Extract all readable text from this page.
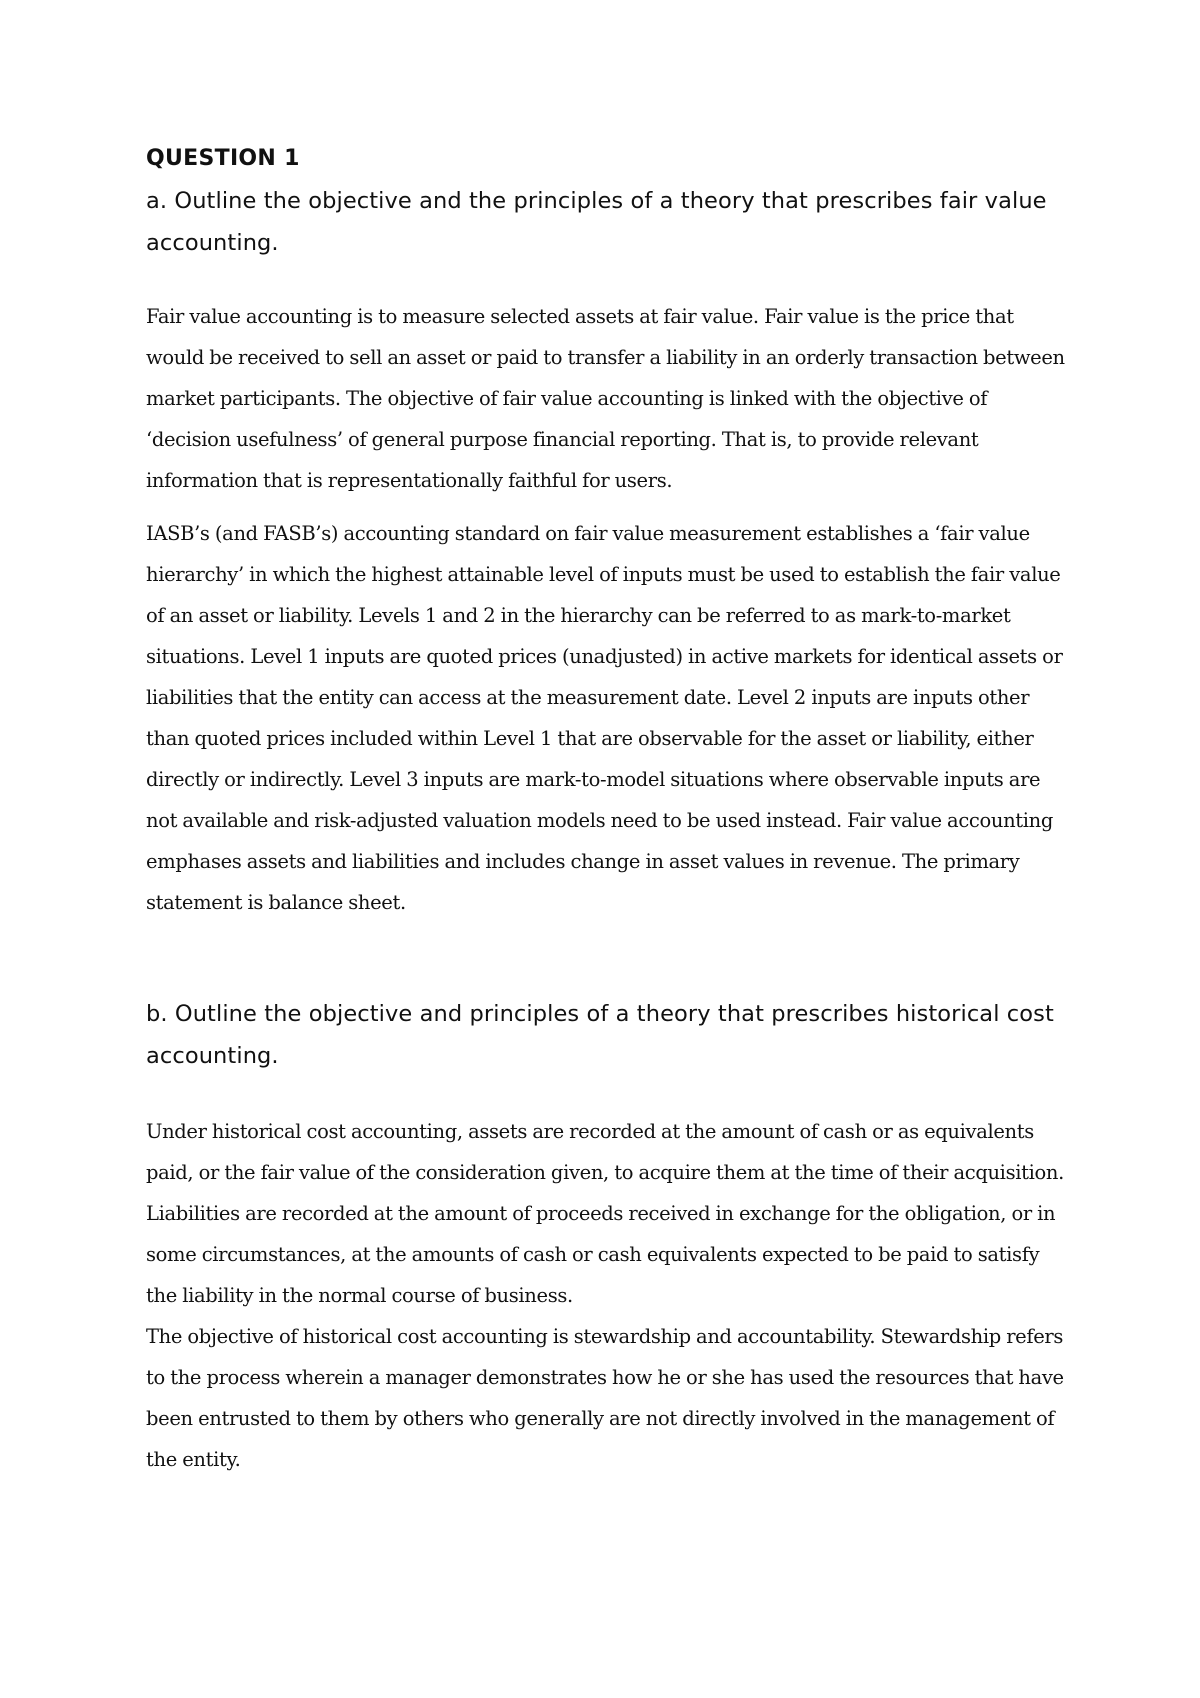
QUESTION 1
a. Outline the objective and the principles of a theory that prescribes fair value accounting.

Fair value accounting is to measure selected assets at fair value. Fair value is the price that would be received to sell an asset or paid to transfer a liability in an orderly transaction between market participants. The objective of fair value accounting is linked with the objective of ‘decision usefulness’ of general purpose financial reporting. That is, to provide relevant information that is representationally faithful for users.

IASB’s (and FASB’s) accounting standard on fair value measurement establishes a ‘fair value hierarchy’ in which the highest attainable level of inputs must be used to establish the fair value of an asset or liability. Levels 1 and 2 in the hierarchy can be referred to as mark-to-market situations. Level 1 inputs are quoted prices (unadjusted) in active markets for identical assets or liabilities that the entity can access at the measurement date. Level 2 inputs are inputs other than quoted prices included within Level 1 that are observable for the asset or liability, either directly or indirectly. Level 3 inputs are mark-to-model situations where observable inputs are not available and risk-adjusted valuation models need to be used instead. Fair value accounting emphases assets and liabilities and includes change in asset values in revenue. The primary statement is balance sheet.

b. Outline the objective and principles of a theory that prescribes historical cost accounting.

Under historical cost accounting, assets are recorded at the amount of cash or as equivalents paid, or the fair value of the consideration given, to acquire them at the time of their acquisition. Liabilities are recorded at the amount of proceeds received in exchange for the obligation, or in some circumstances, at the amounts of cash or cash equivalents expected to be paid to satisfy the liability in the normal course of business.

The objective of historical cost accounting is stewardship and accountability. Stewardship refers to the process wherein a manager demonstrates how he or she has used the resources that have been entrusted to them by others who generally are not directly involved in the management of the entity.
